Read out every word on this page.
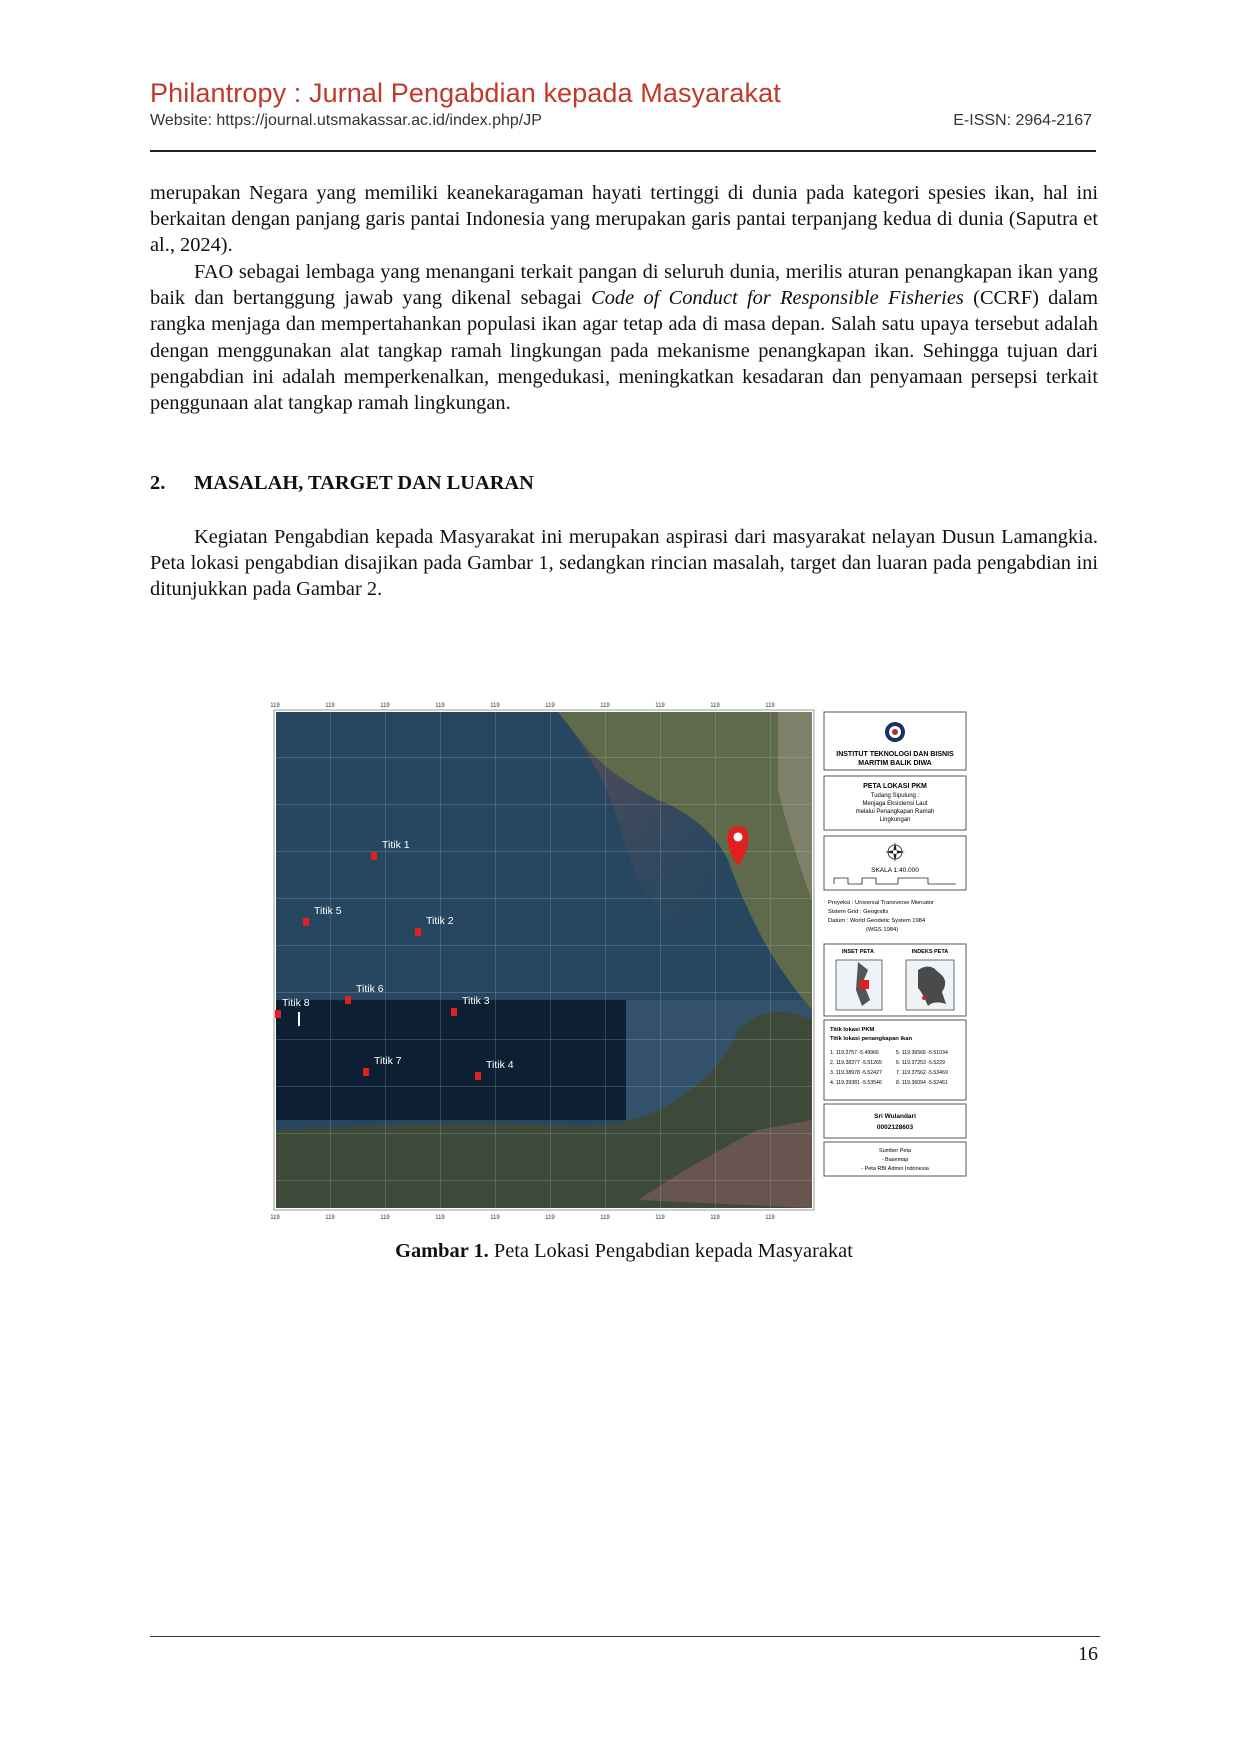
Philantropy : Jurnal Pengabdian kepada Masyarakat
Website: https://journal.utsmakassar.ac.id/index.php/JP	E-ISSN: 2964-2167

merupakan Negara yang memiliki keanekaragaman hayati tertinggi di dunia pada kategori spesies ikan, hal ini berkaitan dengan panjang garis pantai Indonesia yang merupakan garis pantai terpanjang kedua di dunia (Saputra et al., 2024).

FAO sebagai lembaga yang menangani terkait pangan di seluruh dunia, merilis aturan penangkapan ikan yang baik dan bertanggung jawab yang dikenal sebagai Code of Conduct for Responsible Fisheries (CCRF) dalam rangka menjaga dan mempertahankan populasi ikan agar tetap ada di masa depan. Salah satu upaya tersebut adalah dengan menggunakan alat tangkap ramah lingkungan pada mekanisme penangkapan ikan. Sehingga tujuan dari pengabdian ini adalah memperkenalkan, mengedukasi, meningkatkan kesadaran dan penyamaan persepsi terkait penggunaan alat tangkap ramah lingkungan.

2. MASALAH, TARGET DAN LUARAN

Kegiatan Pengabdian kepada Masyarakat ini merupakan aspirasi dari masyarakat nelayan Dusun Lamangkia. Peta lokasi pengabdian disajikan pada Gambar 1, sedangkan rincian masalah, target dan luaran pada pengabdian ini ditunjukkan pada Gambar 2.

119	119	119	119	119	119	119	119	119	119
119	119	119	119	119	119	119	119	119	119
Titik 1
Titik 2
Titik 3
Titik 4
Titik 5
Titik 6
Titik 7
Titik 8
INSTITUT TEKNOLOGI DAN BISNIS
MARITIM BALIK DIWA
PETA LOKASI PKM
Tudang Sipulung :
Menjaga Eksistensi Laut
melalui Penangkapan Ramah
Lingkungan
SKALA 1:40.000
Proyeksi : Universal Transverse Mercator
Sistem Grid : Geografis
Datum : World Geodetic System 1984
(WGS 1984)
INSET PETA	INDEKS PETA
Titik lokasi PKM
Titik lokasi penangkapan ikan
1. 119.3757 -5.49966	5. 119.36566 -5.51034
2. 119.38377 -5.51265	6. 119.37253 -5.5229
3. 119.38978 -5.52427	7. 119.37562 -5.53469
4. 119.39381 -5.53546	8. 119.36094 -5.52461
Sri Wulandari
0002128603
Sumber Peta
- Basemap
- Peta RBI Admin Indonesia
Gambar 1. Peta Lokasi Pengabdian kepada Masyarakat
16
